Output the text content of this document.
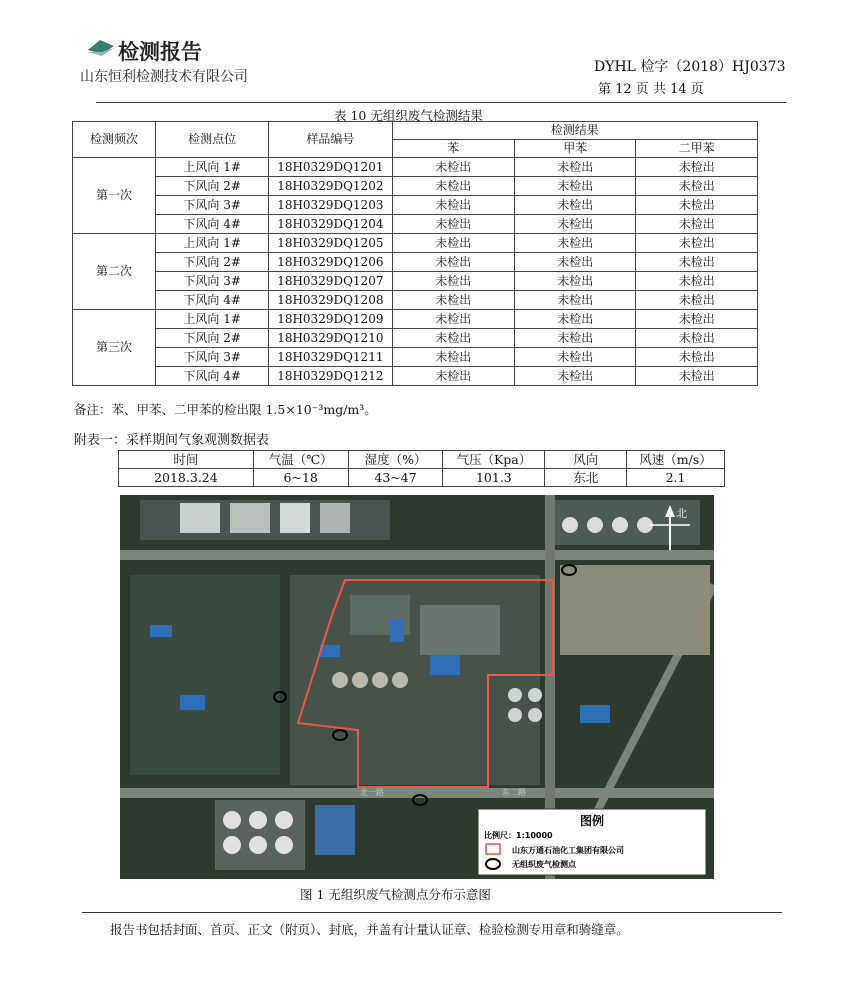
检测报告
山东恒利检测技术有限公司
DYHL 检字（2018）HJ0373
第 12 页 共 14 页
表 10 无组织废气检测结果
检测频次	检测点位	样品编号	检测结果		
			苯	甲苯	二甲苯
第一次	上风向 1#	18H0329DQ1201	未检出	未检出	未检出
	下风向 2#	18H0329DQ1202	未检出	未检出	未检出
	下风向 3#	18H0329DQ1203	未检出	未检出	未检出
	下风向 4#	18H0329DQ1204	未检出	未检出	未检出
第二次	上风向 1#	18H0329DQ1205	未检出	未检出	未检出
	下风向 2#	18H0329DQ1206	未检出	未检出	未检出
	下风向 3#	18H0329DQ1207	未检出	未检出	未检出
	下风向 4#	18H0329DQ1208	未检出	未检出	未检出
第三次	上风向 1#	18H0329DQ1209	未检出	未检出	未检出
	下风向 2#	18H0329DQ1210	未检出	未检出	未检出
	下风向 3#	18H0329DQ1211	未检出	未检出	未检出
	下风向 4#	18H0329DQ1212	未检出	未检出	未检出
备注：苯、甲苯、二甲苯的检出限 1.5×10⁻³mg/m³。
附表一：采样期间气象观测数据表
时间	气温（℃）	湿度（%）	气压（Kpa）	风向	风速（m/s）
2018.3.24	6~18	43~47	101.3	东北	2.1
北
北一路	东二路
图例
比例尺：1:10000
山东万通石油化工集团有限公司
无组织废气检测点
图 1 无组织废气检测点分布示意图
报告书包括封面、首页、正文（附页）、封底，并盖有计量认证章、检验检测专用章和骑缝章。
